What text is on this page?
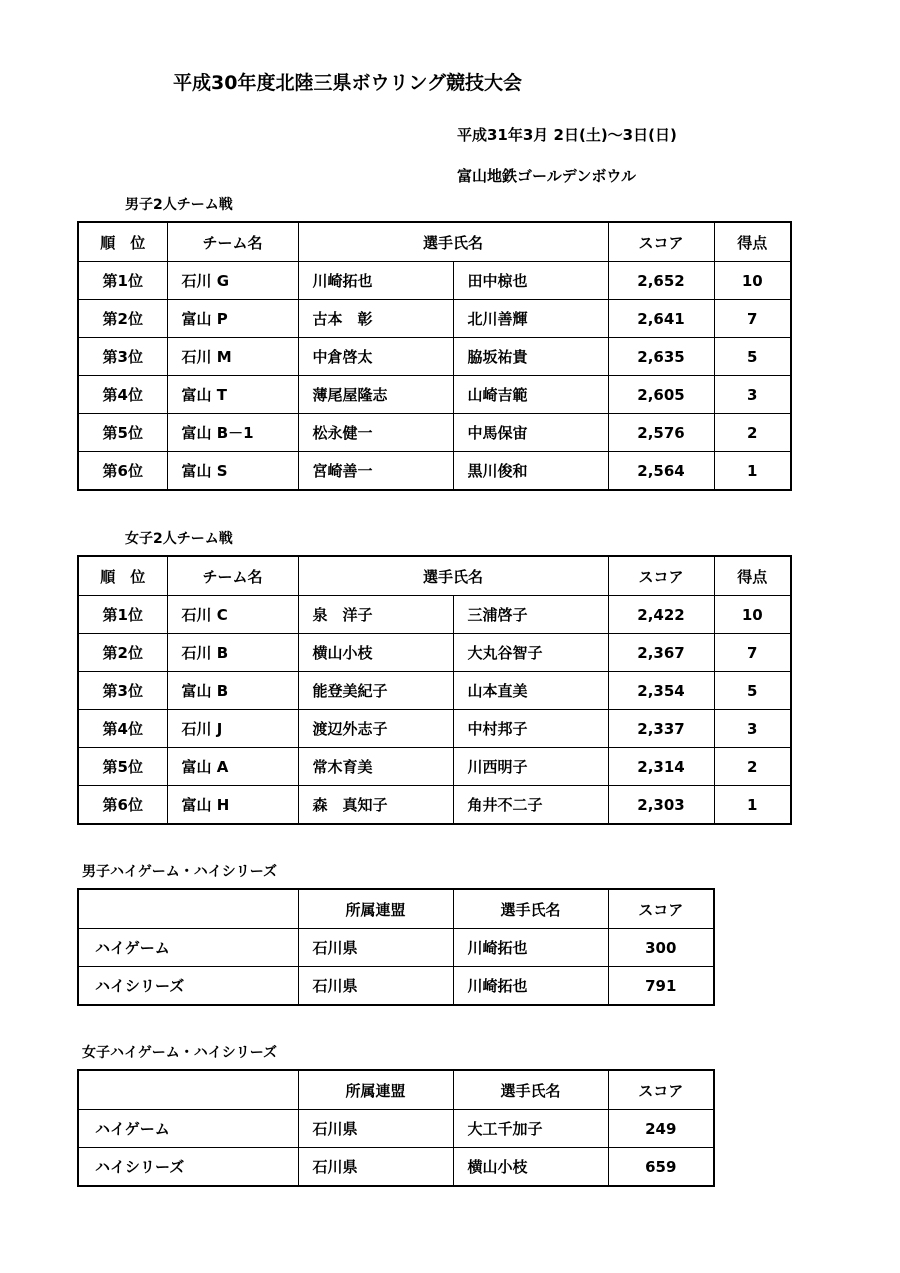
平成30年度北陸三県ボウリング競技大会
平成31年3月 2日(土)～3日(日)
富山地鉄ゴールデンボウル
男子2人チーム戦
順　位	チーム名	選手氏名		スコア	得点
第1位	石川 G	川崎拓也	田中椋也	2,652	10
第2位	富山 P	古本　彰	北川善輝	2,641	7
第3位	石川 M	中倉啓太	脇坂祐貴	2,635	5
第4位	富山 T	薄尾屋隆志	山崎吉範	2,605	3
第5位	富山 B－1	松永健一	中馬保宙	2,576	2
第6位	富山 S	宮崎善一	黒川俊和	2,564	1
女子2人チーム戦
順　位	チーム名	選手氏名		スコア	得点
第1位	石川 C	泉　洋子	三浦啓子	2,422	10
第2位	石川 B	横山小枝	大丸谷智子	2,367	7
第3位	富山 B	能登美紀子	山本直美	2,354	5
第4位	石川 J	渡辺外志子	中村邦子	2,337	3
第5位	富山 A	常木育美	川西明子	2,314	2
第6位	富山 H	森　真知子	角井不二子	2,303	1
男子ハイゲーム・ハイシリーズ
	所属連盟	選手氏名	スコア
ハイゲーム	石川県	川崎拓也	300
ハイシリーズ	石川県	川崎拓也	791
女子ハイゲーム・ハイシリーズ
	所属連盟	選手氏名	スコア
ハイゲーム	石川県	大工千加子	249
ハイシリーズ	石川県	横山小枝	659
